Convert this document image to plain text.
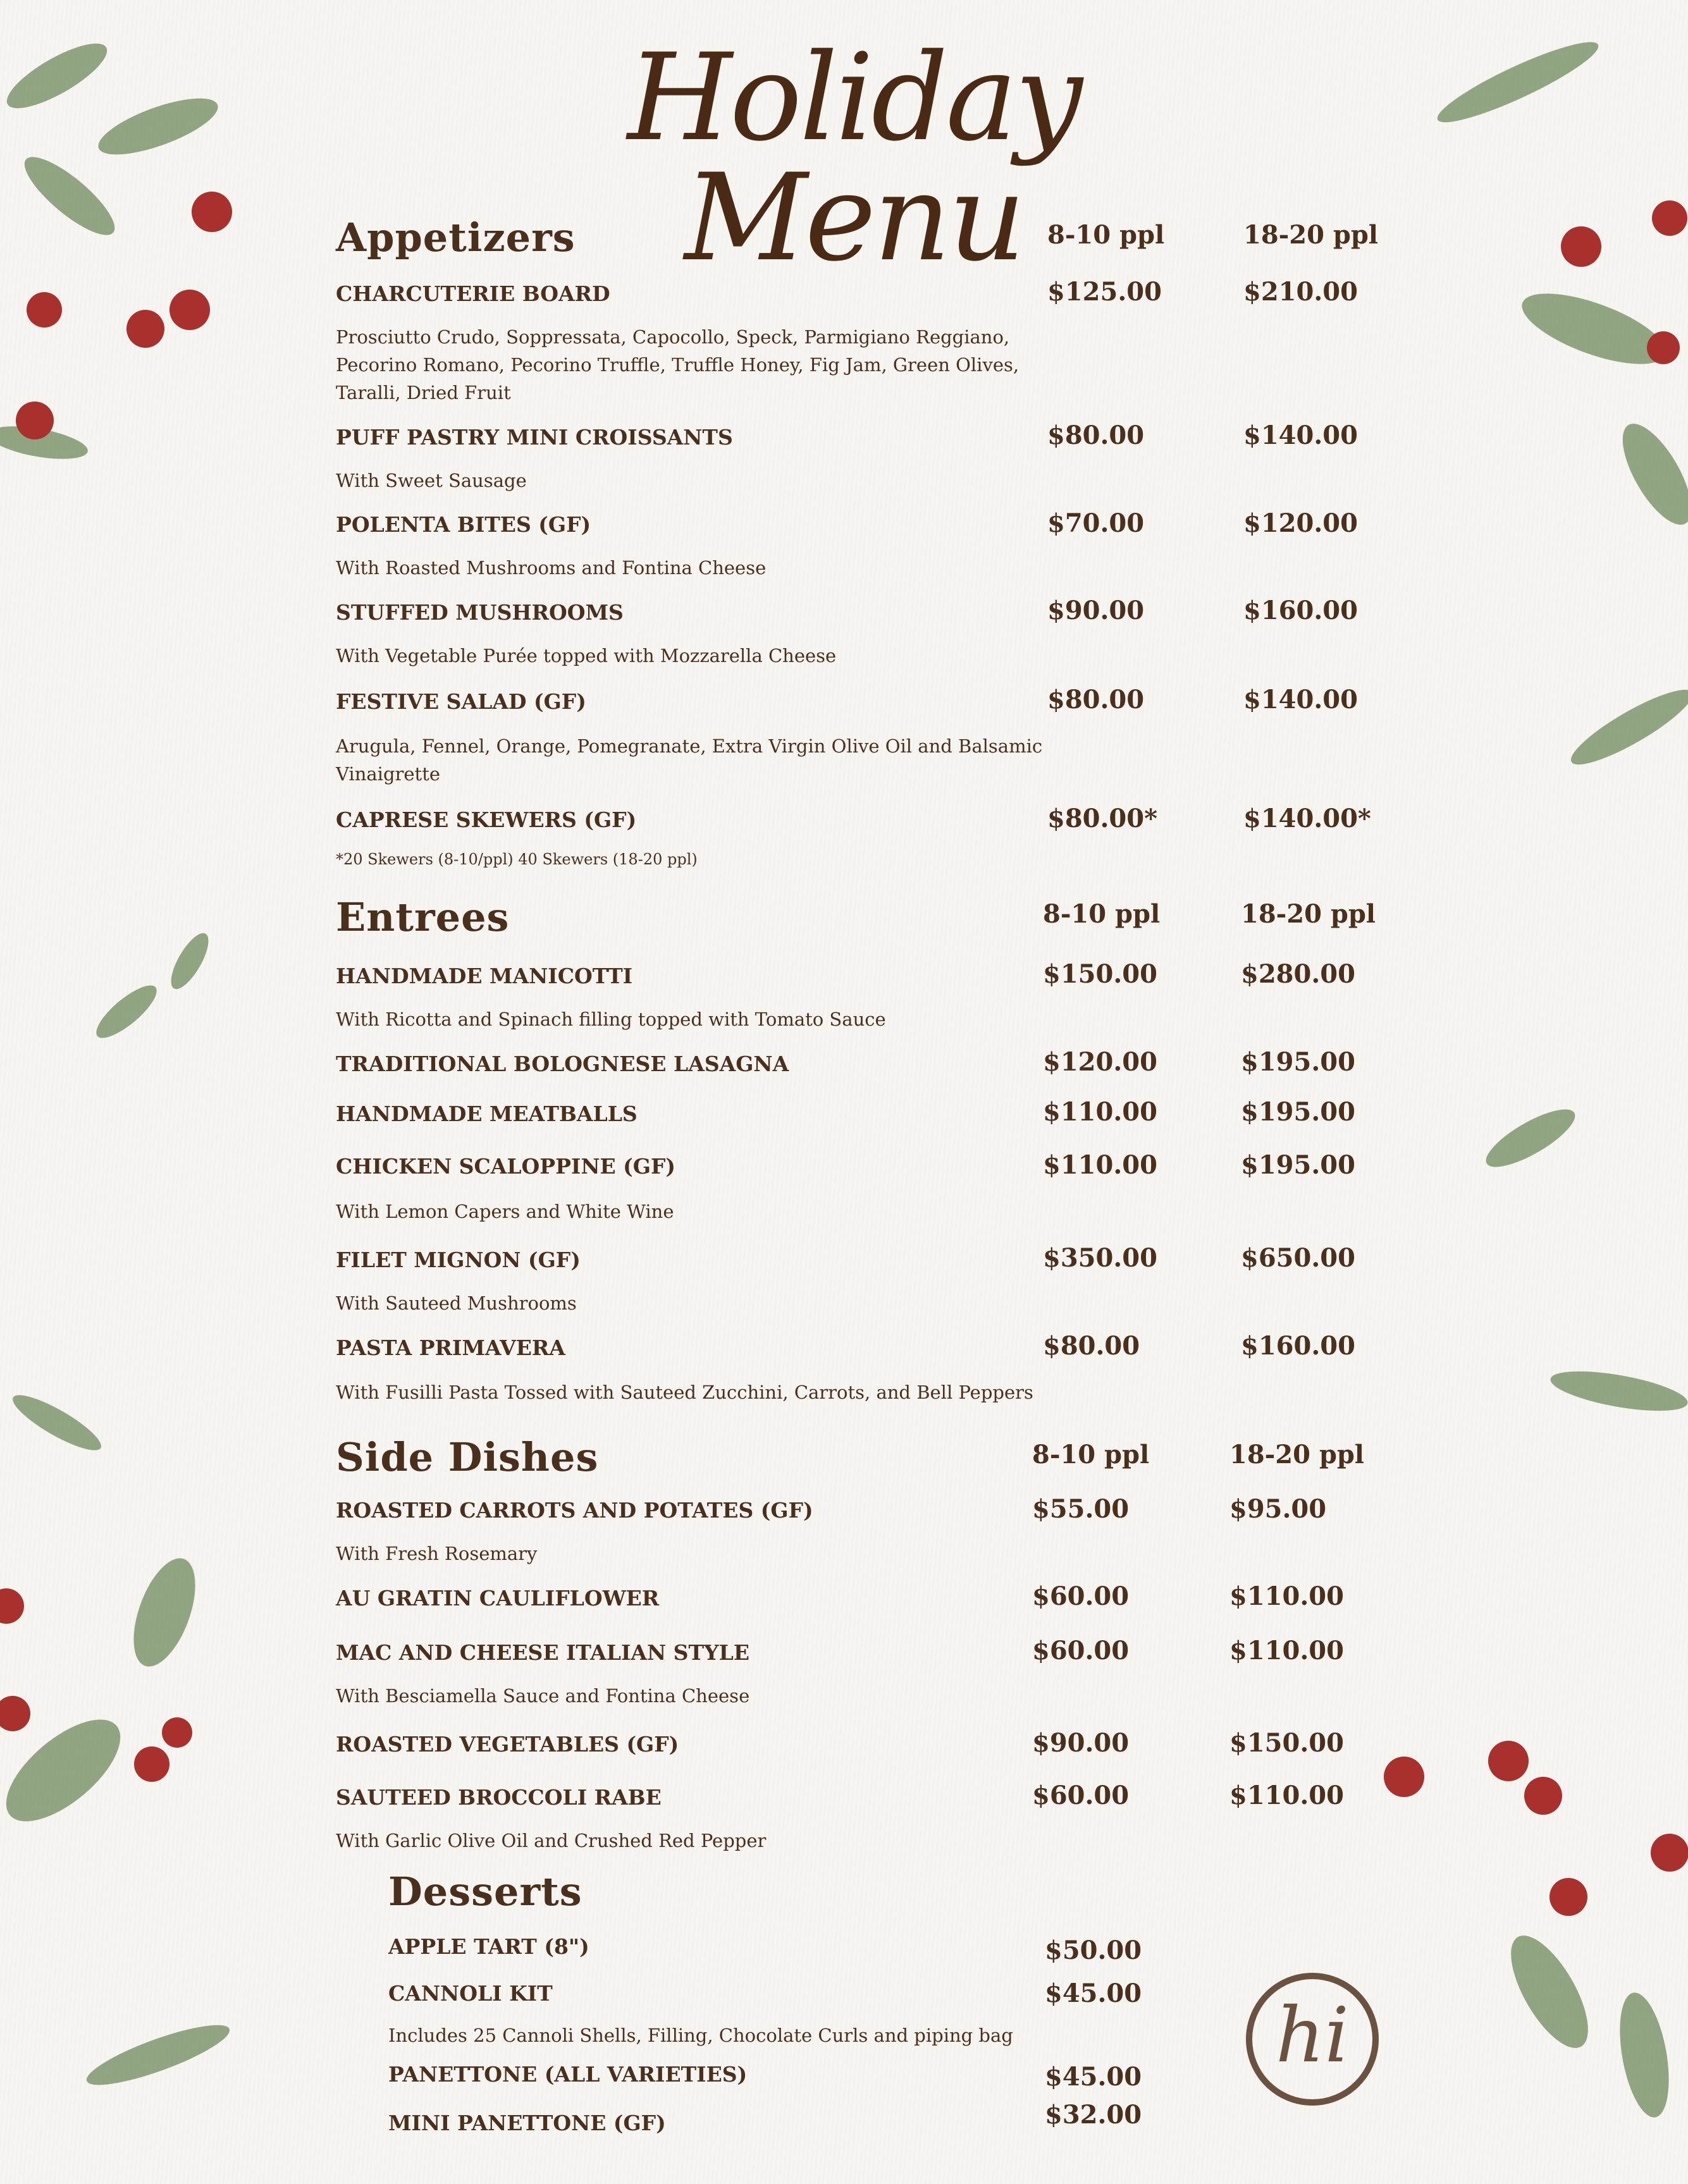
Holiday Menu
Appetizers	8-10 ppl	18-20 ppl
CHARCUTERIE BOARD	$125.00	$210.00
Prosciutto Crudo, Soppressata, Capocollo, Speck, Parmigiano Reggiano, Pecorino Romano, Pecorino Truffle, Truffle Honey, Fig Jam, Green Olives, Taralli, Dried Fruit
PUFF PASTRY MINI CROISSANTS	$80.00	$140.00
With Sweet Sausage
POLENTA BITES (GF)	$70.00	$120.00
With Roasted Mushrooms and Fontina Cheese
STUFFED MUSHROOMS	$90.00	$160.00
With Vegetable Purée topped with Mozzarella Cheese
FESTIVE SALAD (GF)	$80.00	$140.00
Arugula, Fennel, Orange, Pomegranate, Extra Virgin Olive Oil and Balsamic Vinaigrette
CAPRESE SKEWERS (GF)	$80.00*	$140.00*
*20 Skewers (8-10/ppl) 40 Skewers (18-20 ppl)
Entrees	8-10 ppl	18-20 ppl
HANDMADE MANICOTTI	$150.00	$280.00
With Ricotta and Spinach filling topped with Tomato Sauce
TRADITIONAL BOLOGNESE LASAGNA	$120.00	$195.00
HANDMADE MEATBALLS	$110.00	$195.00
CHICKEN SCALOPPINE (GF)	$110.00	$195.00
With Lemon Capers and White Wine
FILET MIGNON (GF)	$350.00	$650.00
With Sauteed Mushrooms
PASTA PRIMAVERA	$80.00	$160.00
With Fusilli Pasta Tossed with Sauteed Zucchini, Carrots, and Bell Peppers
Side Dishes	8-10 ppl	18-20 ppl
ROASTED CARROTS AND POTATES (GF)	$55.00	$95.00
With Fresh Rosemary
AU GRATIN CAULIFLOWER	$60.00	$110.00
MAC AND CHEESE ITALIAN STYLE	$60.00	$110.00
With Besciamella Sauce and Fontina Cheese
ROASTED VEGETABLES (GF)	$90.00	$150.00
SAUTEED BROCCOLI RABE	$60.00	$110.00
With Garlic Olive Oil and Crushed Red Pepper
Desserts
APPLE TART (8")	$50.00
CANNOLI KIT	$45.00
Includes 25 Cannoli Shells, Filling, Chocolate Curls and piping bag
PANETTONE (ALL VARIETIES)	$45.00
MINI PANETTONE (GF)	$32.00
hi
